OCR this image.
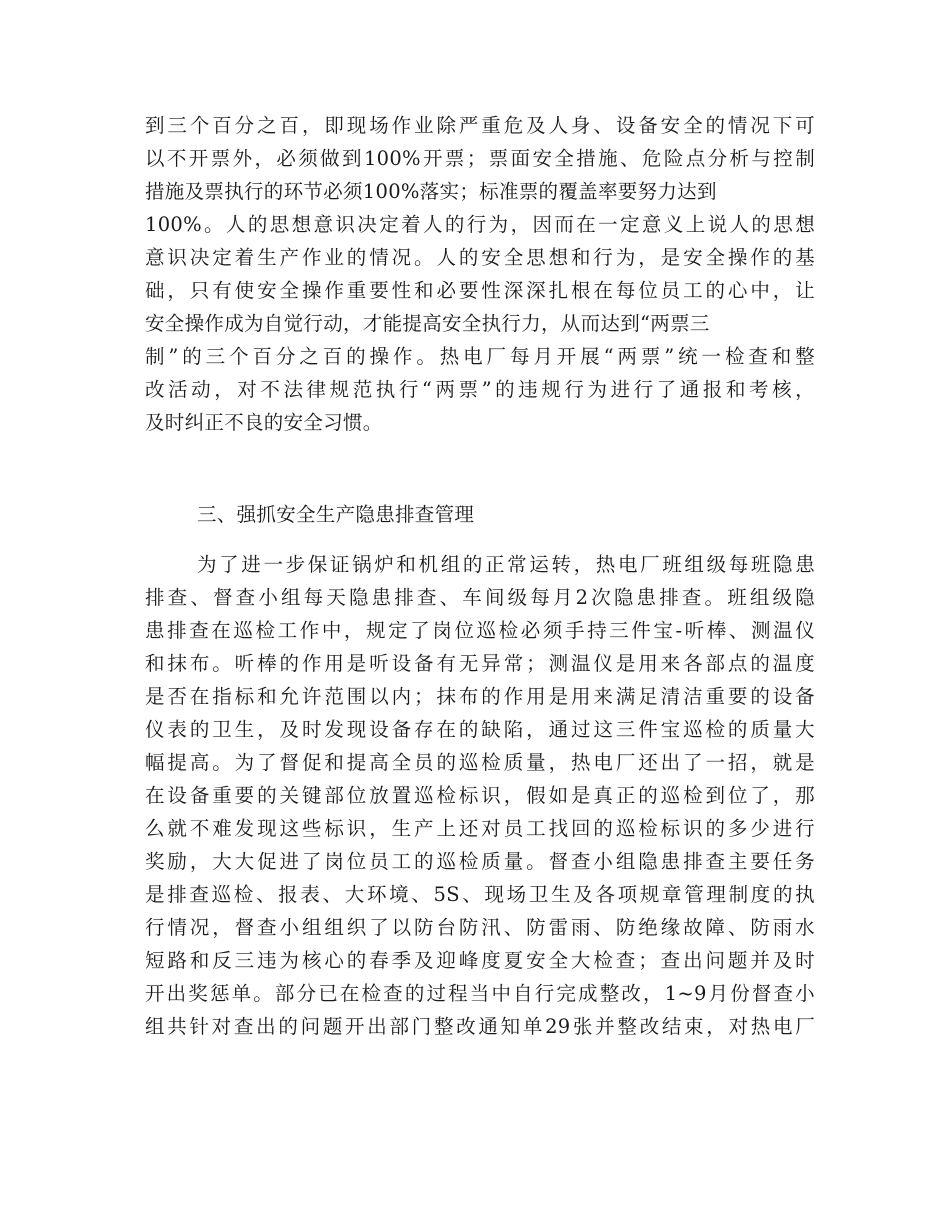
到三个百分之百，即现场作业除严重危及人身、设备安全的情况下可
以不开票外，必须做到100%开票；票面安全措施、危险点分析与控制
措施及票执行的环节必须100%落实；标准票的覆盖率要努力达到
100%。人的思想意识决定着人的行为，因而在一定意义上说人的思想
意识决定着生产作业的情况。人的安全思想和行为，是安全操作的基
础，只有使安全操作重要性和必要性深深扎根在每位员工的心中，让
安全操作成为自觉行动，才能提高安全执行力，从而达到“两票三
制”的三个百分之百的操作。热电厂每月开展“两票”统一检查和整
改活动，对不法律规范执行“两票”的违规行为进行了通报和考核，
及时纠正不良的安全习惯。
三、强抓安全生产隐患排查管理
为了进一步保证锅炉和机组的正常运转，热电厂班组级每班隐患
排查、督查小组每天隐患排查、车间级每月2次隐患排查。班组级隐
患排查在巡检工作中，规定了岗位巡检必须手持三件宝-听棒、测温仪
和抹布。听棒的作用是听设备有无异常；测温仪是用来各部点的温度
是否在指标和允许范围以内；抹布的作用是用来满足清洁重要的设备
仪表的卫生，及时发现设备存在的缺陷，通过这三件宝巡检的质量大
幅提高。为了督促和提高全员的巡检质量，热电厂还出了一招，就是
在设备重要的关键部位放置巡检标识，假如是真正的巡检到位了，那
么就不难发现这些标识，生产上还对员工找回的巡检标识的多少进行
奖励，大大促进了岗位员工的巡检质量。督查小组隐患排查主要任务
是排查巡检、报表、大环境、5S、现场卫生及各项规章管理制度的执
行情况，督查小组组织了以防台防汛、防雷雨、防绝缘故障、防雨水
短路和反三违为核心的春季及迎峰度夏安全大检查；查出问题并及时
开出奖惩单。部分已在检查的过程当中自行完成整改，1~9月份督查小
组共针对查出的问题开出部门整改通知单29张并整改结束，对热电厂
